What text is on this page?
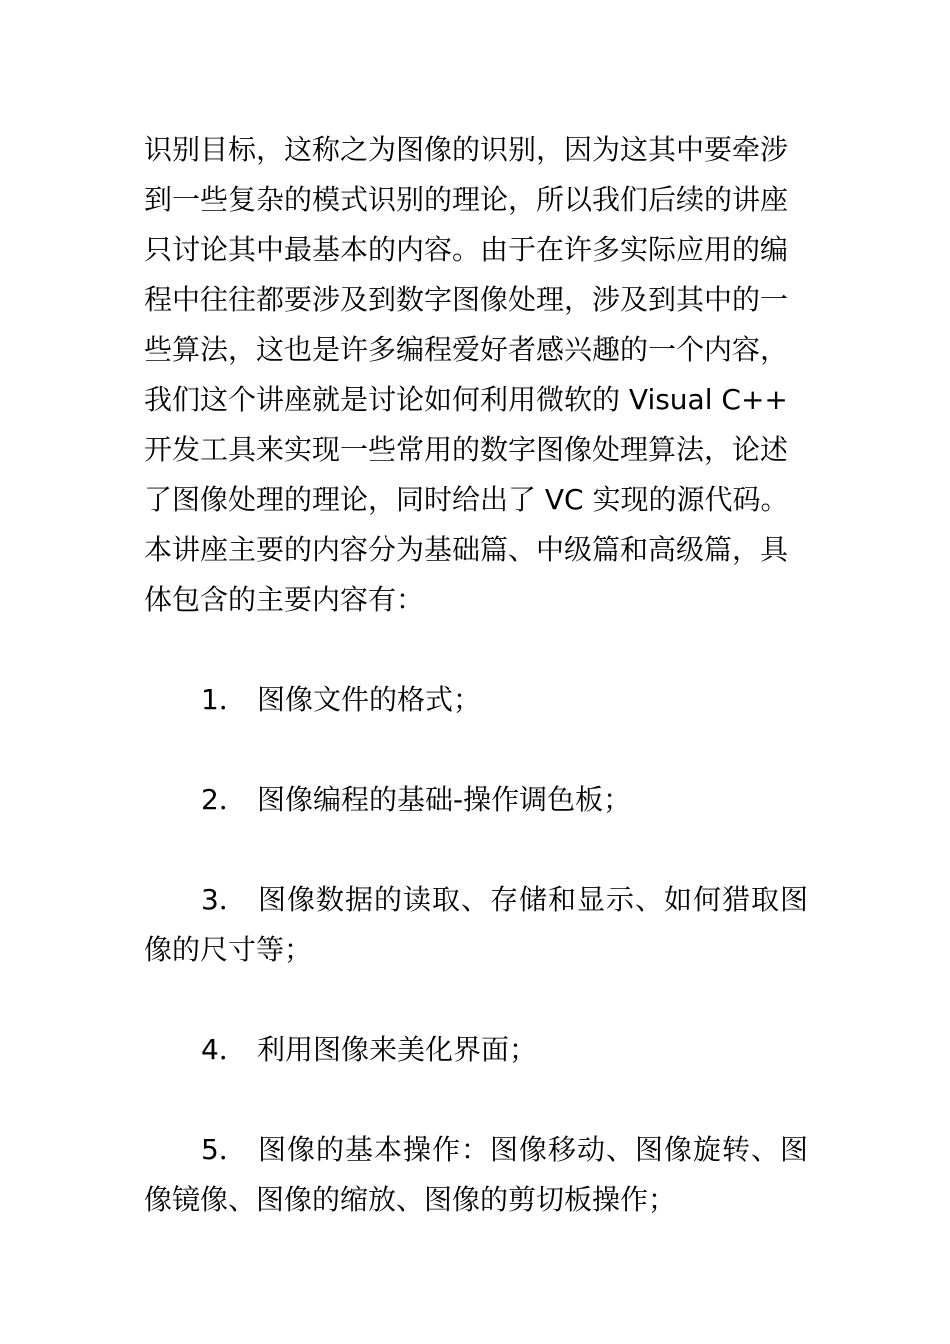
识别目标，这称之为图像的识别，因为这其中要牵涉
到一些复杂的模式识别的理论，所以我们后续的讲座
只讨论其中最基本的内容。由于在许多实际应用的编
程中往往都要涉及到数字图像处理，涉及到其中的一
些算法，这也是许多编程爱好者感兴趣的一个内容，
我们这个讲座就是讨论如何利用微软的 Visual C++
开发工具来实现一些常用的数字图像处理算法，论述
了图像处理的理论，同时给出了 VC 实现的源代码。
本讲座主要的内容分为基础篇、中级篇和高级篇，具
体包含的主要内容有：

1． 图像文件的格式；

2． 图像编程的基础-操作调色板；

3． 图像数据的读取、存储和显示、如何猎取图像的尺寸等；

4． 利用图像来美化界面；

5． 图像的基本操作：图像移动、图像旋转、图像镜像、图像的缩放、图像的剪切板操作；
